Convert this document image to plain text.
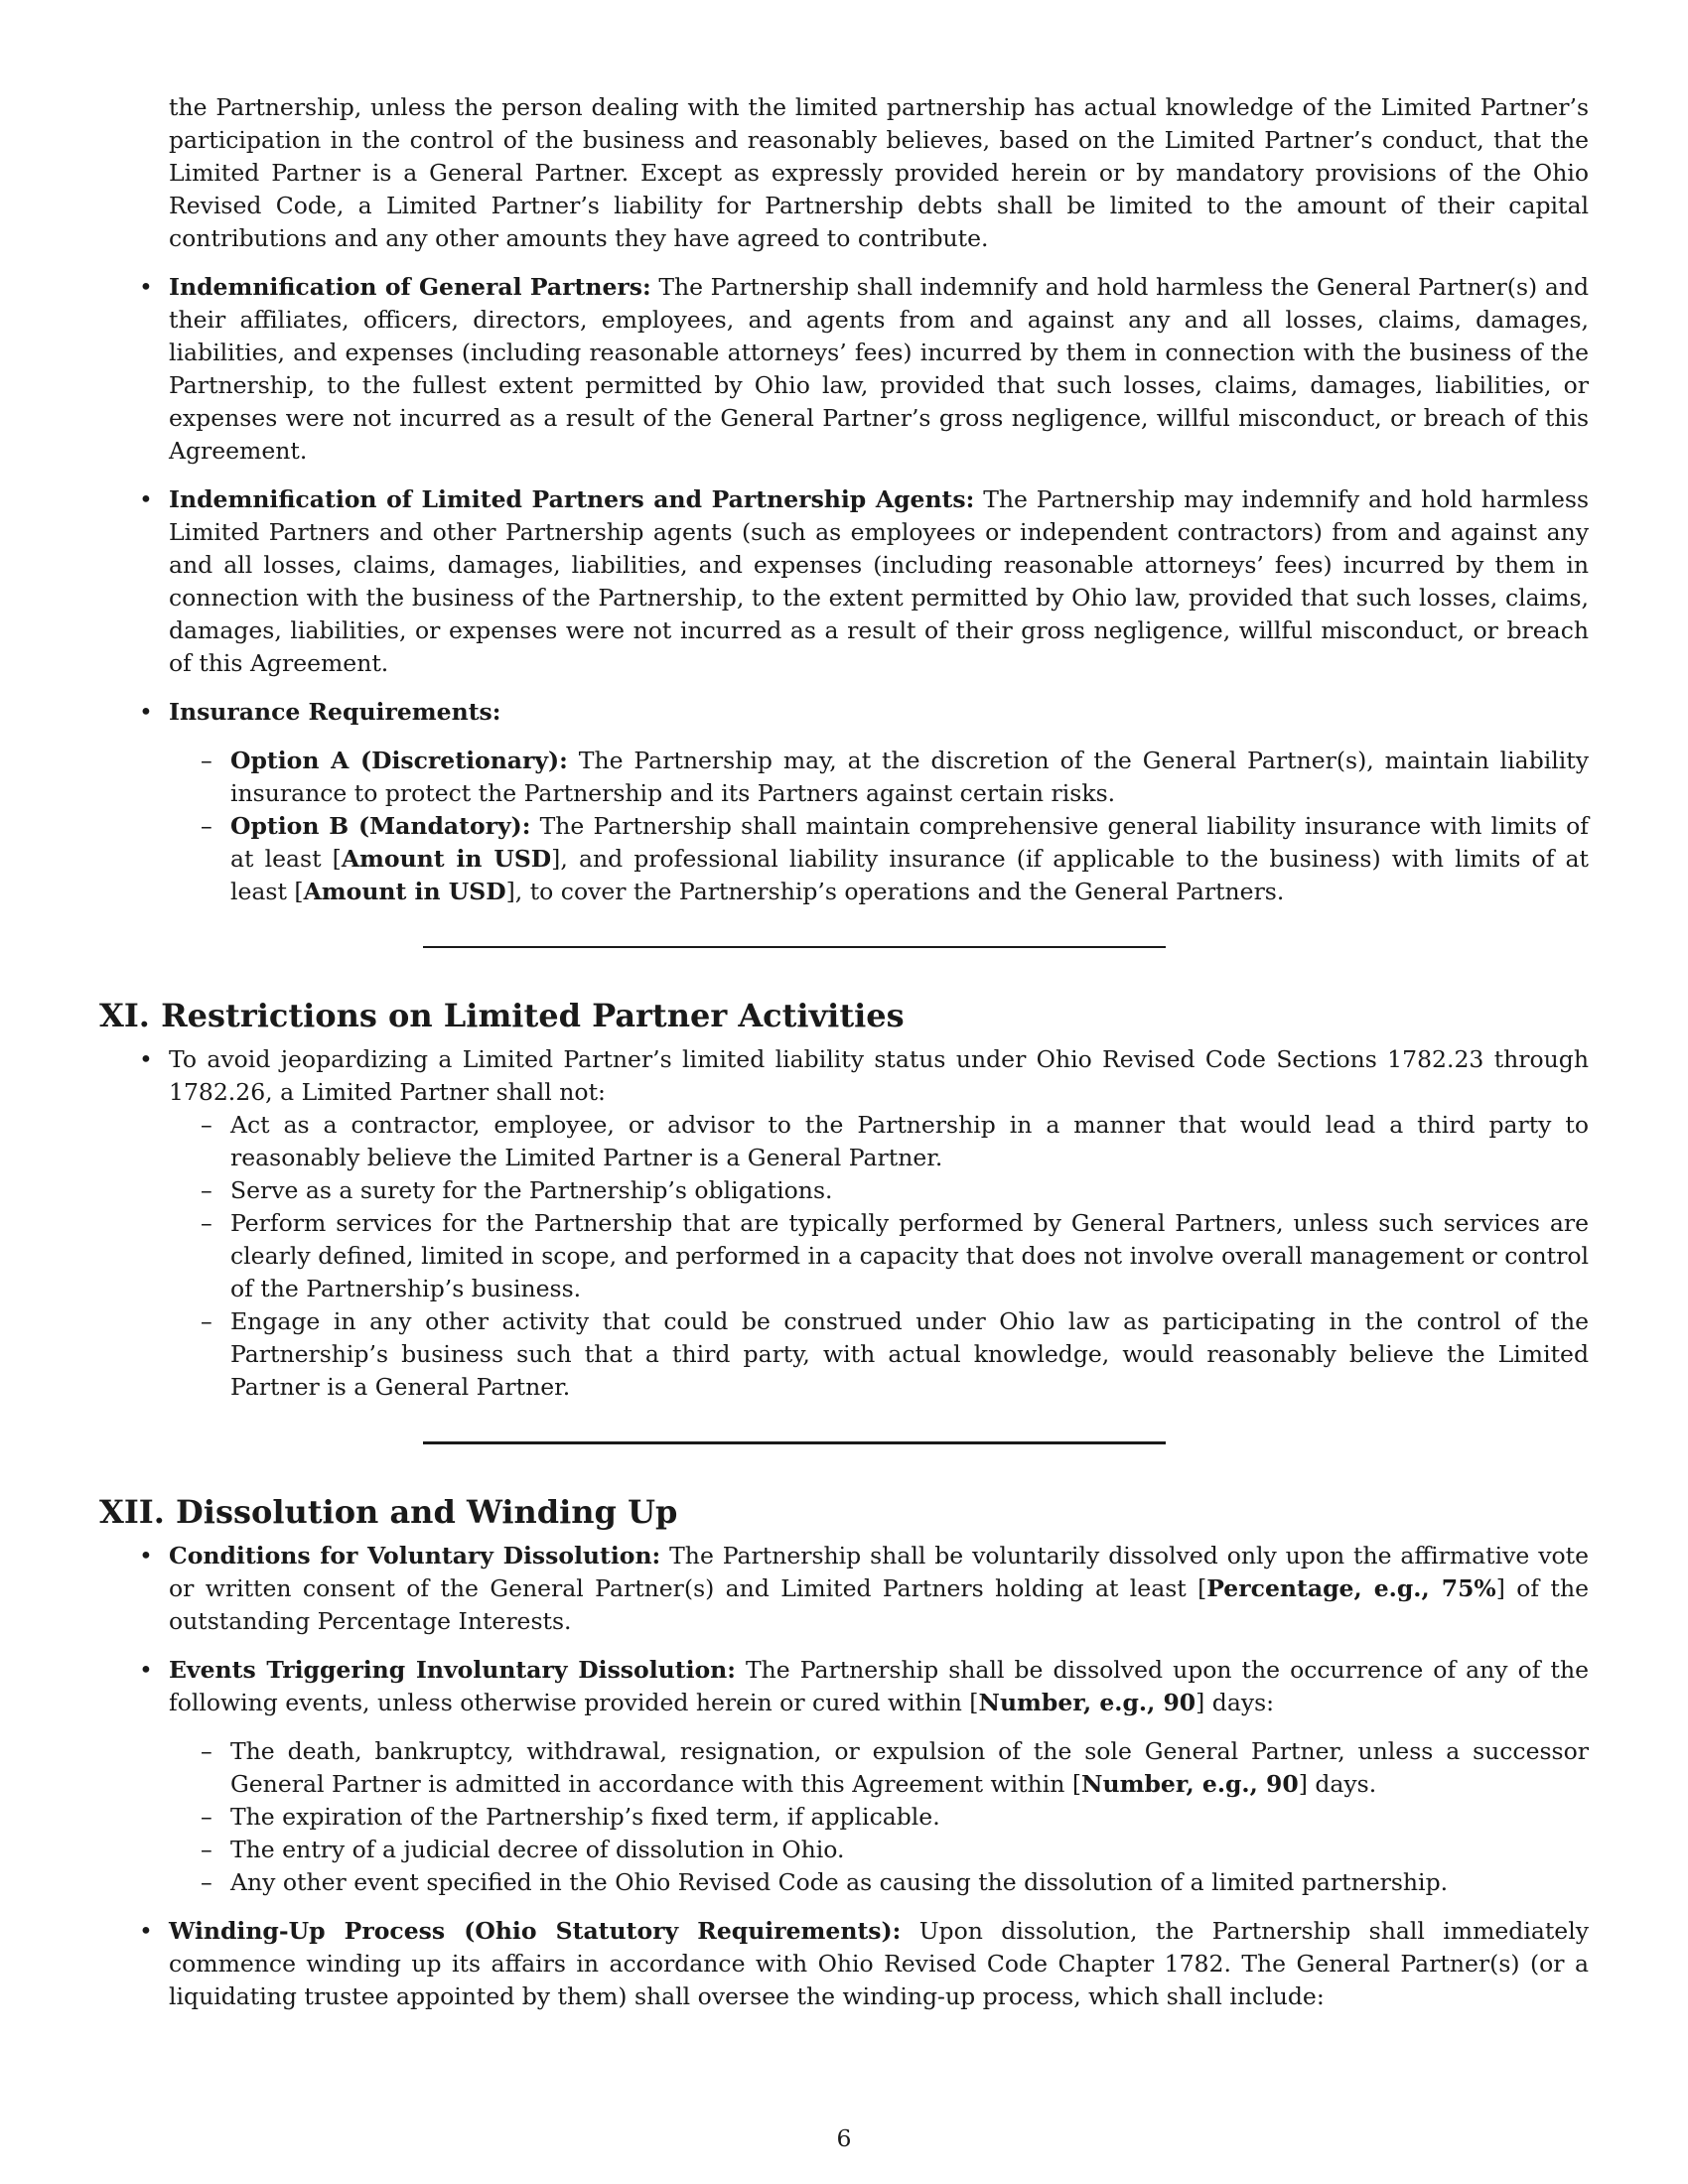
the Partnership, unless the person dealing with the limited partnership has actual knowledge of the Limited Partner’s participation in the control of the business and reasonably believes, based on the Limited Partner’s conduct, that the Limited Partner is a General Partner. Except as expressly provided herein or by mandatory provisions of the Ohio Revised Code, a Limited Partner’s liability for Partnership debts shall be limited to the amount of their capital contributions and any other amounts they have agreed to contribute.

• Indemnification of General Partners: The Partnership shall indemnify and hold harmless the General Partner(s) and their affiliates, officers, directors, employees, and agents from and against any and all losses, claims, damages, liabilities, and expenses (including reasonable attorneys’ fees) incurred by them in connection with the business of the Partnership, to the fullest extent permitted by Ohio law, provided that such losses, claims, damages, liabilities, or expenses were not incurred as a result of the General Partner’s gross negligence, willful misconduct, or breach of this Agreement.
• Indemnification of Limited Partners and Partnership Agents: The Partnership may indemnify and hold harmless Limited Partners and other Partnership agents (such as employees or independent contractors) from and against any and all losses, claims, damages, liabilities, and expenses (including reasonable attorneys’ fees) incurred by them in connection with the business of the Partnership, to the extent permitted by Ohio law, provided that such losses, claims, damages, liabilities, or expenses were not incurred as a result of their gross negligence, willful misconduct, or breach of this Agreement.
• Insurance Requirements:
– Option A (Discretionary): The Partnership may, at the discretion of the General Partner(s), maintain liability insurance to protect the Partnership and its Partners against certain risks.
– Option B (Mandatory): The Partnership shall maintain comprehensive general liability insurance with limits of at least [Amount in USD], and professional liability insurance (if applicable to the business) with limits of at least [Amount in USD], to cover the Partnership’s operations and the General Partners.
XI. Restrictions on Limited Partner Activities
• To avoid jeopardizing a Limited Partner’s limited liability status under Ohio Revised Code Sections 1782.23 through 1782.26, a Limited Partner shall not:
– Act as a contractor, employee, or advisor to the Partnership in a manner that would lead a third party to reasonably believe the Limited Partner is a General Partner.
– Serve as a surety for the Partnership’s obligations.
– Perform services for the Partnership that are typically performed by General Partners, unless such services are clearly defined, limited in scope, and performed in a capacity that does not involve overall management or control of the Partnership’s business.
– Engage in any other activity that could be construed under Ohio law as participating in the control of the Partnership’s business such that a third party, with actual knowledge, would reasonably believe the Limited Partner is a General Partner.
XII. Dissolution and Winding Up
• Conditions for Voluntary Dissolution: The Partnership shall be voluntarily dissolved only upon the affirmative vote or written consent of the General Partner(s) and Limited Partners holding at least [Percentage, e.g., 75%] of the outstanding Percentage Interests.
• Events Triggering Involuntary Dissolution: The Partnership shall be dissolved upon the occurrence of any of the following events, unless otherwise provided herein or cured within [Number, e.g., 90] days:
– The death, bankruptcy, withdrawal, resignation, or expulsion of the sole General Partner, unless a successor General Partner is admitted in accordance with this Agreement within [Number, e.g., 90] days.
– The expiration of the Partnership’s fixed term, if applicable.
– The entry of a judicial decree of dissolution in Ohio.
– Any other event specified in the Ohio Revised Code as causing the dissolution of a limited partnership.
• Winding-Up Process (Ohio Statutory Requirements): Upon dissolution, the Partnership shall immediately commence winding up its affairs in accordance with Ohio Revised Code Chapter 1782. The General Partner(s) (or a liquidating trustee appointed by them) shall oversee the winding-up process, which shall include:
6
